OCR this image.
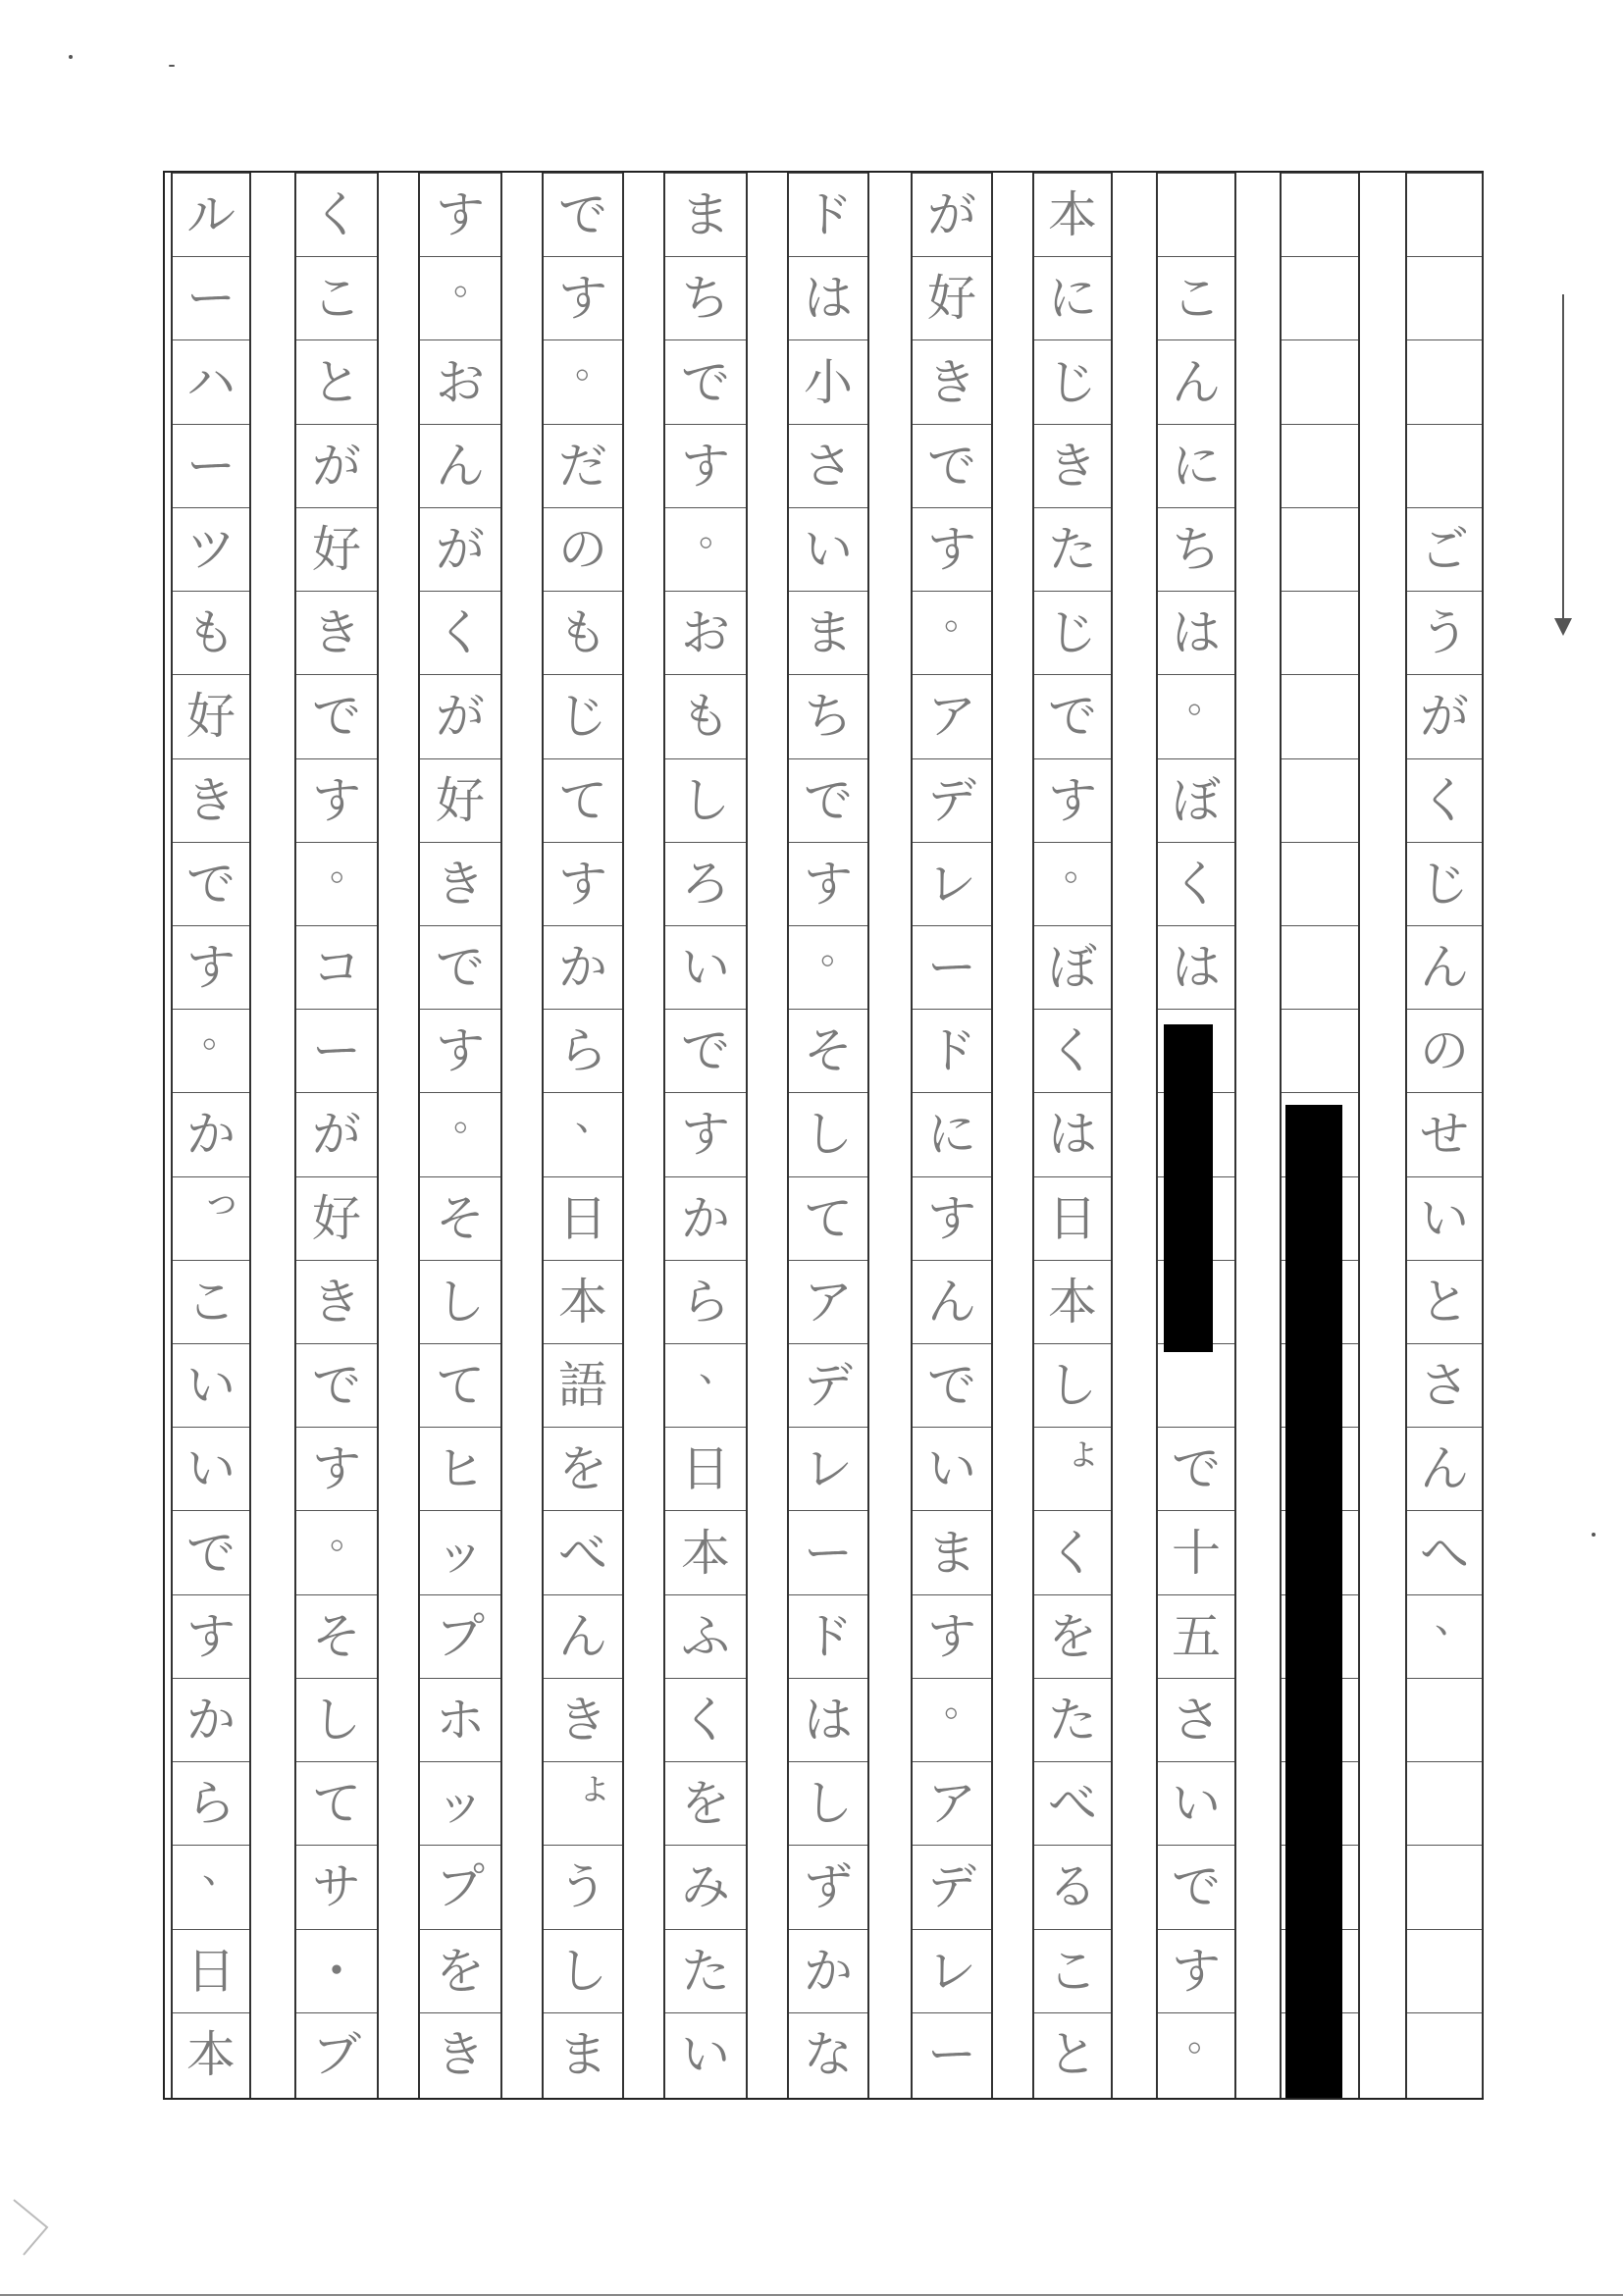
ご
う
が
く
じ
ん
の
せ
い
と
さ
ん
へ
、
こ
ん
に
ち
は
。
ぼ
く
は
で
十
五
さ
い
で
す
。
本
に
じ
き
た
じ
で
す
。
ぼ
く
は
日
本
し
ょ
く
を
た
べ
る
こ
と
が
好
き
で
す
。
ア
デ
レ
ー
ド
に
す
ん
で
い
ま
す
。
ア
デ
レ
ー
ド
は
小
さ
い
ま
ち
で
す
。
そ
し
て
ア
デ
レ
ー
ド
は
し
ず
か
な
ま
ち
で
す
。
お
も
し
ろ
い
で
す
か
ら
、
日
本
ふ
く
を
み
た
い
で
す
。
だ
の
も
じ
て
す
か
ら
、
日
本
語
を
べ
ん
き
ょ
う
し
ま
す
。
お
ん
が
く
が
好
き
で
す
。
そ
し
て
ヒ
ッ
プ
ホ
ッ
プ
を
き
く
こ
と
が
好
き
で
す
。
コ
ー
が
好
き
で
す
。
そ
し
て
サ
・
ブ
ル
ー
ハ
ー
ツ
も
好
き
で
す
。
か
っ
こ
い
い
で
す
か
ら
、
日
本
